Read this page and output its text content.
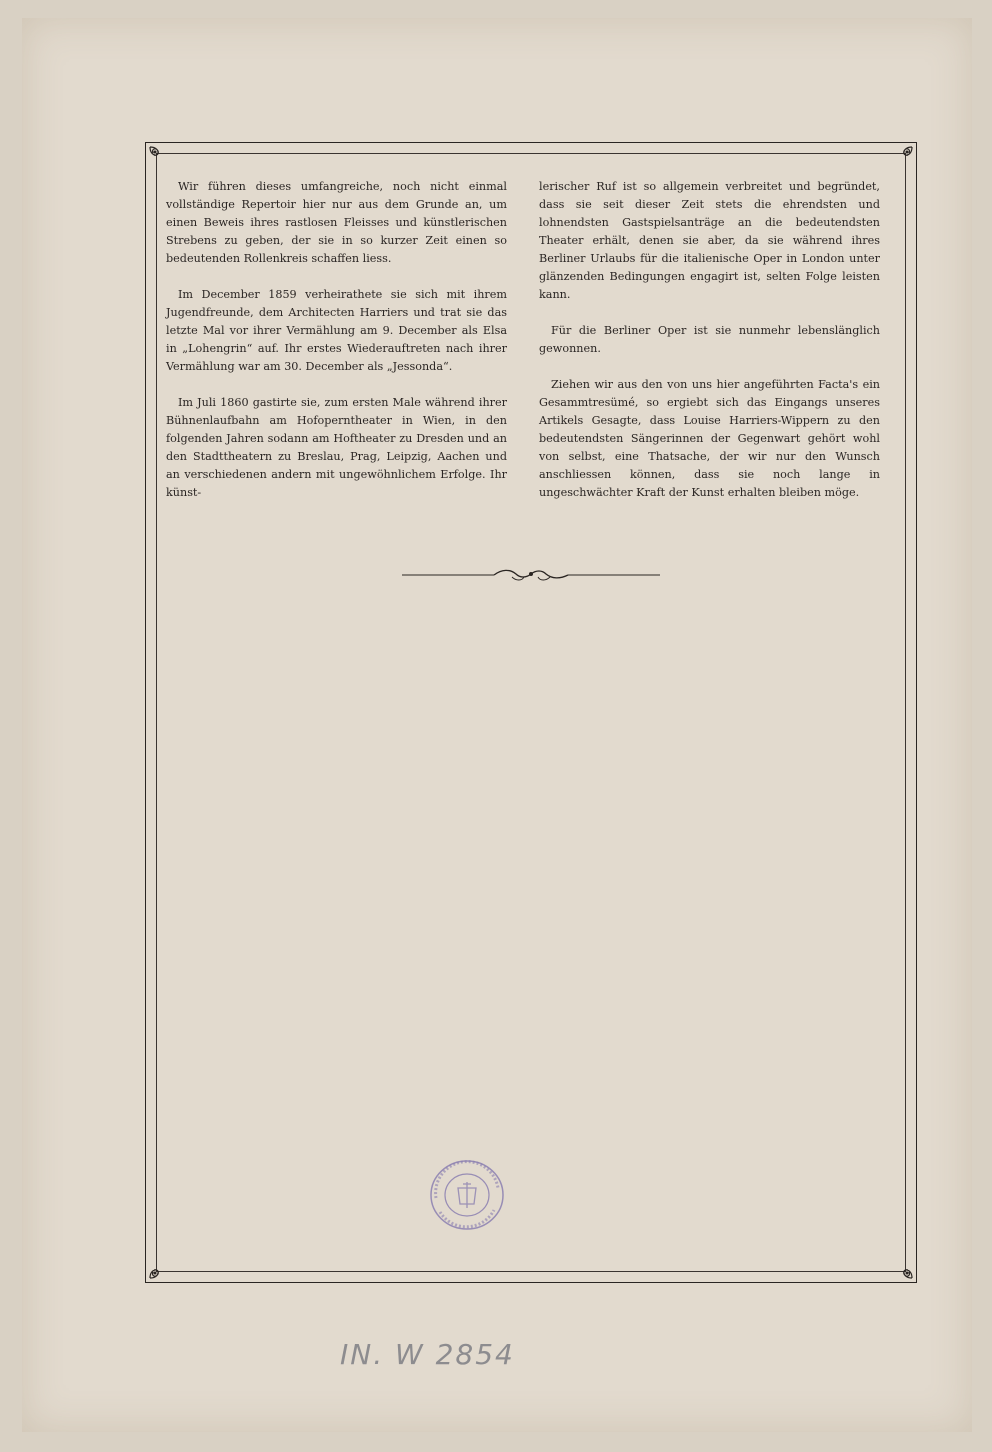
Wir führen dieses umfangreiche, noch nicht einmal vollständige Repertoir hier nur aus dem Grunde an, um einen Beweis ihres rastlosen Fleisses und künstlerischen Strebens zu geben, der sie in so kurzer Zeit einen so bedeutenden Rollenkreis schaffen liess.

Im December 1859 verheirathete sie sich mit ihrem Jugendfreunde, dem Architecten Harriers und trat sie das letzte Mal vor ihrer Vermählung am 9. December als Elsa in „Lohengrin“ auf. Ihr erstes Wiederauftreten nach ihrer Vermählung war am 30. December als „Jessonda“.

Im Juli 1860 gastirte sie, zum ersten Male während ihrer Bühnenlaufbahn am Hofoperntheater in Wien, in den folgenden Jahren sodann am Hoftheater zu Dresden und an den Stadttheatern zu Breslau, Prag, Leipzig, Aachen und an verschiedenen andern mit ungewöhnlichem Erfolge. Ihr künst-

lerischer Ruf ist so allgemein verbreitet und begründet, dass sie seit dieser Zeit stets die ehrendsten und lohnendsten Gastspielsanträge an die bedeutendsten Theater erhält, denen sie aber, da sie während ihres Berliner Urlaubs für die italienische Oper in London unter glänzenden Bedingungen engagirt ist, selten Folge leisten kann.

Für die Berliner Oper ist sie nunmehr lebenslänglich gewonnen.

Ziehen wir aus den von uns hier angeführten Facta's ein Gesammtresümé, so ergiebt sich das Eingangs unseres Artikels Gesagte, dass Louise Harriers-Wippern zu den bedeutendsten Sängerinnen der Gegenwart gehört wohl von selbst, eine Thatsache, der wir nur den Wunsch anschliessen können, dass sie noch lange in ungeschwächter Kraft der Kunst erhalten bleiben möge.

IN. W 2854
